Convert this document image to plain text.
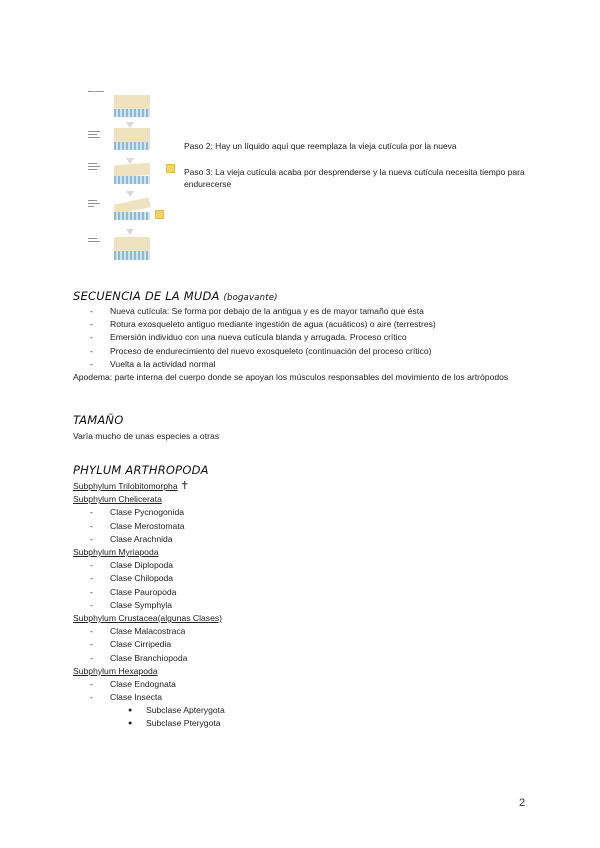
▬▬ ▬▬▬
▬▬▬▬
▬▬▬
▬▬▬▬
▬▬▬
▬▬▬▬
▬▬▬
▬▬▬
▬▬▬▬
▬▬
▬▬▬
▬▬▬▬
Paso 2: Hay un líquido aquí que reemplaza la vieja cutícula por la nueva
Paso 3: La vieja cutícula acaba por desprenderse y la nueva cutícula necesita tiempo para endurecerse
SECUENCIA DE LA MUDA (bogavante)
- Nueva cutícula: Se forma por debajo de la antigua y es de mayor tamaño que ésta
- Rotura exosqueleto antiguo mediante ingestión de agua (acuáticos) o aire (terrestres)
- Emersión individuo con una nueva cutícula blanda y arrugada. Proceso crítico
- Proceso de endurecimiento del nuevo exosqueleto (continuación del proceso crítico)
- Vuelta a la actividad normal
Apodema: parte interna del cuerpo donde se apoyan los músculos responsables del movimiento de los artrópodos
TAMAÑO
Varía mucho de unas especies a otras
PHYLUM ARTHROPODA
Subphylum Trilobitomorpha ✝
Subphylum Chelicerata
- Clase Pycnogonida
- Clase Merostomata
- Clase Arachnida
Subphylum Myriapoda
- Clase Diplopoda
- Clase Chilopoda
- Clase Pauropoda
- Clase Symphyla
Subphylum Crustacea(algunas Clases)
- Clase Malacostraca
- Clase Cirripedia
- Clase Branchiopoda
Subphylum Hexapoda
- Clase Endognata
- Clase Insecta
● Subclase Apterygota
● Subclase Pterygota
2
